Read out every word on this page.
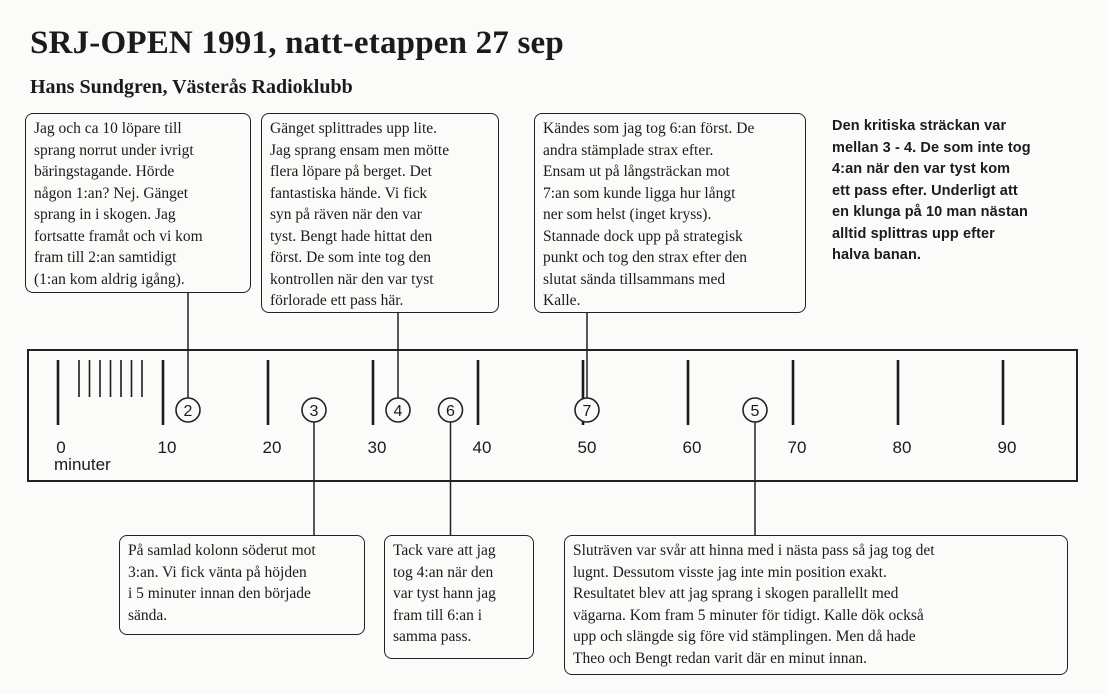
0	10	20	30	40	50	60	70	80	90
minuter
2	3	4	6	7	5
SRJ-OPEN 1991, natt-etappen 27 sep
Hans Sundgren, Västerås Radioklubb
Jag och ca 10 löpare till
sprang norrut under ivrigt
bäringstagande. Hörde
någon 1:an? Nej. Gänget
sprang in i skogen. Jag
fortsatte framåt och vi kom
fram till 2:an samtidigt
(1:an kom aldrig igång).
Gänget splittrades upp lite.
Jag sprang ensam men mötte
flera löpare på berget. Det
fantastiska hände. Vi fick
syn på räven när den var
tyst. Bengt hade hittat den
först. De som inte tog den
kontrollen när den var tyst
förlorade ett pass här.
Kändes som jag tog 6:an först. De
andra stämplade strax efter.
Ensam ut på långsträckan mot
7:an som kunde ligga hur långt
ner som helst (inget kryss).
Stannade dock upp på strategisk
punkt och tog den strax efter den
slutat sända tillsammans med
Kalle.
Den kritiska sträckan var
mellan 3 - 4. De som inte tog
4:an när den var tyst kom
ett pass efter. Underligt att
en klunga på 10 man nästan
alltid splittras upp efter
halva banan.
På samlad kolonn söderut mot
3:an. Vi fick vänta på höjden
i 5 minuter innan den började
sända.
Tack vare att jag
tog 4:an när den
var tyst hann jag
fram till 6:an i
samma pass.
Sluträven var svår att hinna med i nästa pass så jag tog det
lugnt. Dessutom visste jag inte min position exakt.
Resultatet blev att jag sprang i skogen parallellt med
vägarna. Kom fram 5 minuter för tidigt. Kalle dök också
upp och slängde sig före vid stämplingen. Men då hade
Theo och Bengt redan varit där en minut innan.
